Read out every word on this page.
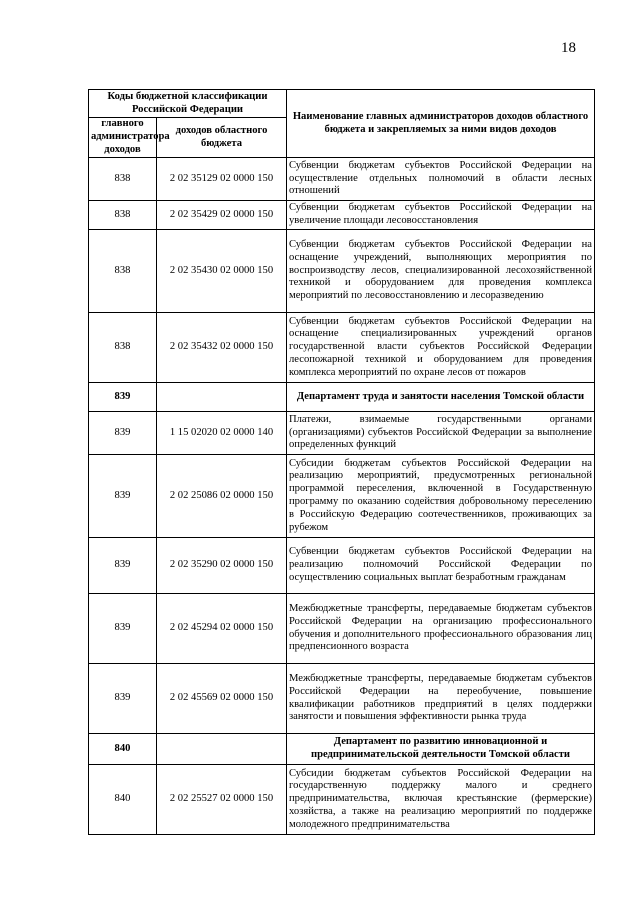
18
Коды бюджетной классификации Российской Федерации		Наименование главных администраторов доходов областного бюджета и закрепляемых за ними видов доходов
главного администратора доходов	доходов областного бюджета	
838	2 02 35129 02 0000 150	Субвенции бюджетам субъектов Российской Федерации на осуществление отдельных полномочий в области лесных отношений
838	2 02 35429 02 0000 150	Субвенции бюджетам субъектов Российской Федерации на увеличение площади лесовосстановления
838	2 02 35430 02 0000 150	Субвенции бюджетам субъектов Российской Федерации на оснащение учреждений, выполняющих мероприятия по воспроизводству лесов, специализированной лесохозяйственной техникой и оборудованием для проведения комплекса мероприятий по лесовосстановлению и лесоразведению
838	2 02 35432 02 0000 150	Субвенции бюджетам субъектов Российской Федерации на оснащение специализированных учреждений органов государственной власти субъектов Российской Федерации лесопожарной техникой и оборудованием для проведения комплекса мероприятий по охране лесов от пожаров
839		Департамент труда и занятости населения Томской области
839	1 15 02020 02 0000 140	Платежи, взимаемые государственными органами (организациями) субъектов Российской Федерации за выполнение определенных функций
839	2 02 25086 02 0000 150	Субсидии бюджетам субъектов Российской Федерации на реализацию мероприятий, предусмотренных региональной программой переселения, включенной в Государственную программу по оказанию содействия добровольному переселению в Российскую Федерацию соотечественников, проживающих за рубежом
839	2 02 35290 02 0000 150	Субвенции бюджетам субъектов Российской Федерации на реализацию полномочий Российской Федерации по осуществлению социальных выплат безработным гражданам
839	2 02 45294 02 0000 150	Межбюджетные трансферты, передаваемые бюджетам субъектов Российской Федерации на организацию профессионального обучения и дополнительного профессионального образования лиц предпенсионного возраста
839	2 02 45569 02 0000 150	Межбюджетные трансферты, передаваемые бюджетам субъектов Российской Федерации на переобучение, повышение квалификации работников предприятий в целях поддержки занятости и повышения эффективности рынка труда
840		Департамент по развитию инновационной и предпринимательской деятельности Томской области
840	2 02 25527 02 0000 150	Субсидии бюджетам субъектов Российской Федерации на государственную поддержку малого и среднего предпринимательства, включая крестьянские (фермерские) хозяйства, а также на реализацию мероприятий по поддержке молодежного предпринимательства
